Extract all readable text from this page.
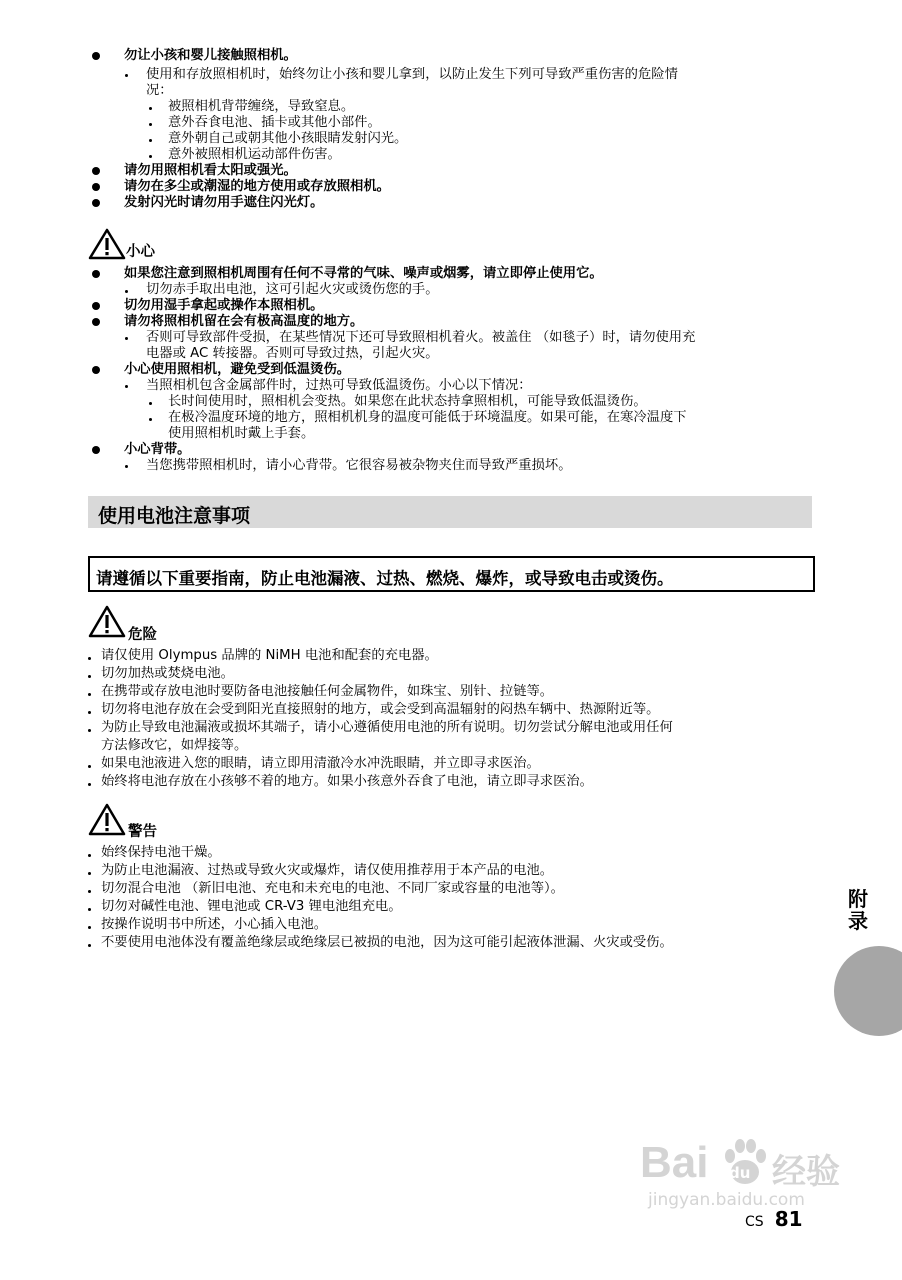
勿让小孩和婴儿接触照相机。
使用和存放照相机时，始终勿让小孩和婴儿拿到，以防止发生下列可导致严重伤害的危险情
况：
被照相机背带缠绕，导致窒息。
意外吞食电池、插卡或其他小部件。
意外朝自己或朝其他小孩眼睛发射闪光。
意外被照相机运动部件伤害。
请勿用照相机看太阳或强光。
请勿在多尘或潮湿的地方使用或存放照相机。
发射闪光时请勿用手遮住闪光灯。
小心
如果您注意到照相机周围有任何不寻常的气味、噪声或烟雾，请立即停止使用它。
切勿赤手取出电池，这可引起火灾或烫伤您的手。
切勿用湿手拿起或操作本照相机。
请勿将照相机留在会有极高温度的地方。
否则可导致部件受损，在某些情况下还可导致照相机着火。被盖住 （如毯子）时，请勿使用充
电器或 AC 转接器。否则可导致过热，引起火灾。
小心使用照相机，避免受到低温烫伤。
当照相机包含金属部件时，过热可导致低温烫伤。小心以下情况：
长时间使用时，照相机会变热。如果您在此状态持拿照相机，可能导致低温烫伤。
在极冷温度环境的地方，照相机机身的温度可能低于环境温度。如果可能，在寒冷温度下
使用照相机时戴上手套。
小心背带。
当您携带照相机时，请小心背带。它很容易被杂物夹住而导致严重损坏。
使用电池注意事项
请遵循以下重要指南，防止电池漏液、过热、燃烧、爆炸，或导致电击或烫伤。
危险
请仅使用 Olympus 品牌的 NiMH 电池和配套的充电器。
切勿加热或焚烧电池。
在携带或存放电池时要防备电池接触任何金属物件，如珠宝、别针、拉链等。
切勿将电池存放在会受到阳光直接照射的地方，或会受到高温辐射的闷热车辆中、热源附近等。
为防止导致电池漏液或损坏其端子，请小心遵循使用电池的所有说明。切勿尝试分解电池或用任何
方法修改它，如焊接等。
如果电池液进入您的眼睛，请立即用清澈冷水冲洗眼睛，并立即寻求医治。
始终将电池存放在小孩够不着的地方。如果小孩意外吞食了电池，请立即寻求医治。
警告
始终保持电池干燥。
为防止电池漏液、过热或导致火灾或爆炸，请仅使用推荐用于本产品的电池。
切勿混合电池 （新旧电池、充电和未充电的电池、不同厂家或容量的电池等）。
切勿对碱性电池、锂电池或 CR-V3 锂电池组充电。
按操作说明书中所述，小心插入电池。
不要使用电池体没有覆盖绝缘层或绝缘层已被损的电池，因为这可能引起液体泄漏、火灾或受伤。
附录
Bai du 经验
jingyan.baidu.com
CS 81
